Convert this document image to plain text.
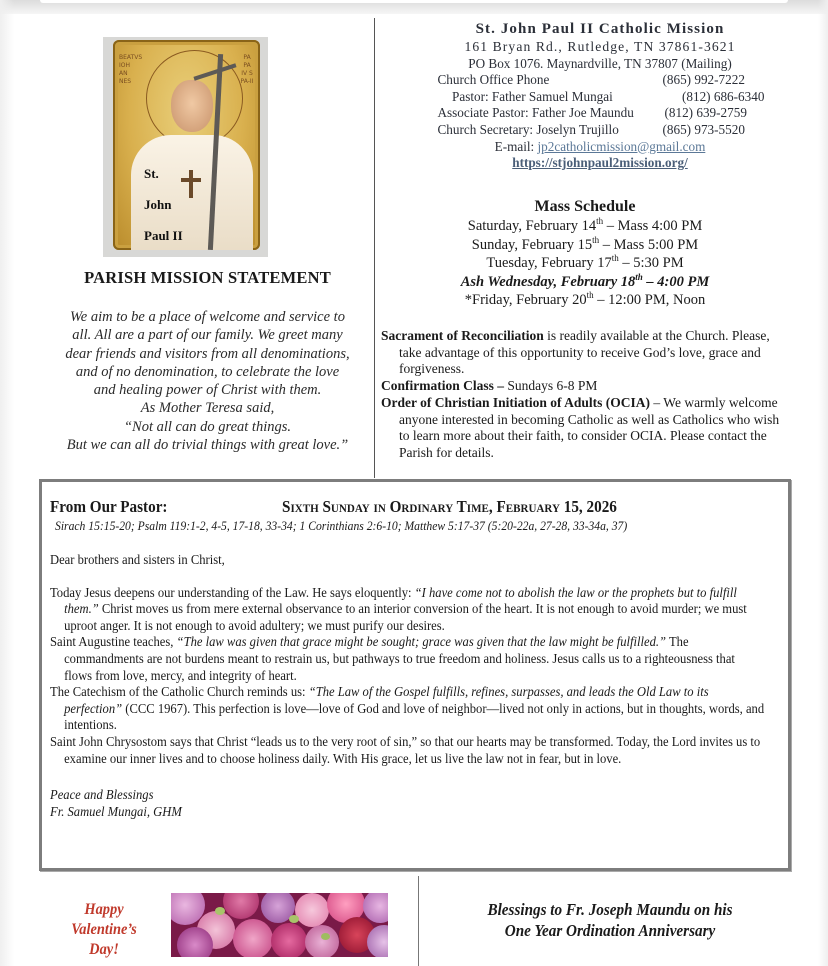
BEATVS IOH AN NES
PA PA IV S PA-II
St.
John
Paul II
PARISH MISSION STATEMENT
We aim to be a place of welcome and service to
all. All are a part of our family. We greet many
dear friends and visitors from all denominations,
and of no denomination, to celebrate the love
and healing power of Christ with them.
As Mother Teresa said,
“Not all can do great things.
But we can all do trivial things with great love.”
St. John Paul II Catholic Mission
161 Bryan Rd., Rutledge, TN 37861-3621
PO Box 1076. Maynardville, TN 37807 (Mailing)
Church Office Phone	(865) 992-7222
Pastor: Father Samuel Mungai	(812) 686-6340
Associate Pastor: Father Joe Maundu	(812) 639-2759
Church Secretary: Joselyn Trujillo	(865) 973-5520
E-mail: jp2catholicmission@gmail.com
https://stjohnpaul2mission.org/
Mass Schedule
Saturday, February 14th – Mass 4:00 PM
Sunday, February 15th – Mass 5:00 PM
Tuesday, February 17th – 5:30 PM
Ash Wednesday, February 18th – 4:00 PM
*Friday, February 20th – 12:00 PM, Noon
Sacrament of Reconciliation is readily available at the Church. Please, take advantage of this opportunity to receive God’s love, grace and forgiveness.
Confirmation Class – Sundays 6-8 PM
Order of Christian Initiation of Adults (OCIA) – We warmly welcome anyone interested in becoming Catholic as well as Catholics who wish to learn more about their faith, to consider OCIA. Please contact the Parish for details.
From Our Pastor:	Sixth Sunday in Ordinary Time, February 15, 2026
Sirach 15:15-20; Psalm 119:1-2, 4-5, 17-18, 33-34; 1 Corinthians 2:6-10; Matthew 5:17-37 (5:20-22a, 27-28, 33-34a, 37)

Dear brothers and sisters in Christ,

Today Jesus deepens our understanding of the Law. He says eloquently: “I have come not to abolish the law or the prophets but to fulfill them.” Christ moves us from mere external observance to an interior conversion of the heart. It is not enough to avoid murder; we must uproot anger. It is not enough to avoid adultery; we must purify our desires.

Saint Augustine teaches, “The law was given that grace might be sought; grace was given that the law might be fulfilled.” The commandments are not burdens meant to restrain us, but pathways to true freedom and holiness. Jesus calls us to a righteousness that flows from love, mercy, and integrity of heart.

The Catechism of the Catholic Church reminds us: “The Law of the Gospel fulfills, refines, surpasses, and leads the Old Law to its perfection” (CCC 1967). This perfection is love—love of God and love of neighbor—lived not only in actions, but in thoughts, words, and intentions.

Saint John Chrysostom says that Christ “leads us to the very root of sin,” so that our hearts may be transformed. Today, the Lord invites us to examine our inner lives and to choose holiness daily. With His grace, let us live the law not in fear, but in love.

Peace and Blessings

Fr. Samuel Mungai, GHM

Happy
Valentine’s
Day!
Blessings to Fr. Joseph Maundu on his
One Year Ordination Anniversary
